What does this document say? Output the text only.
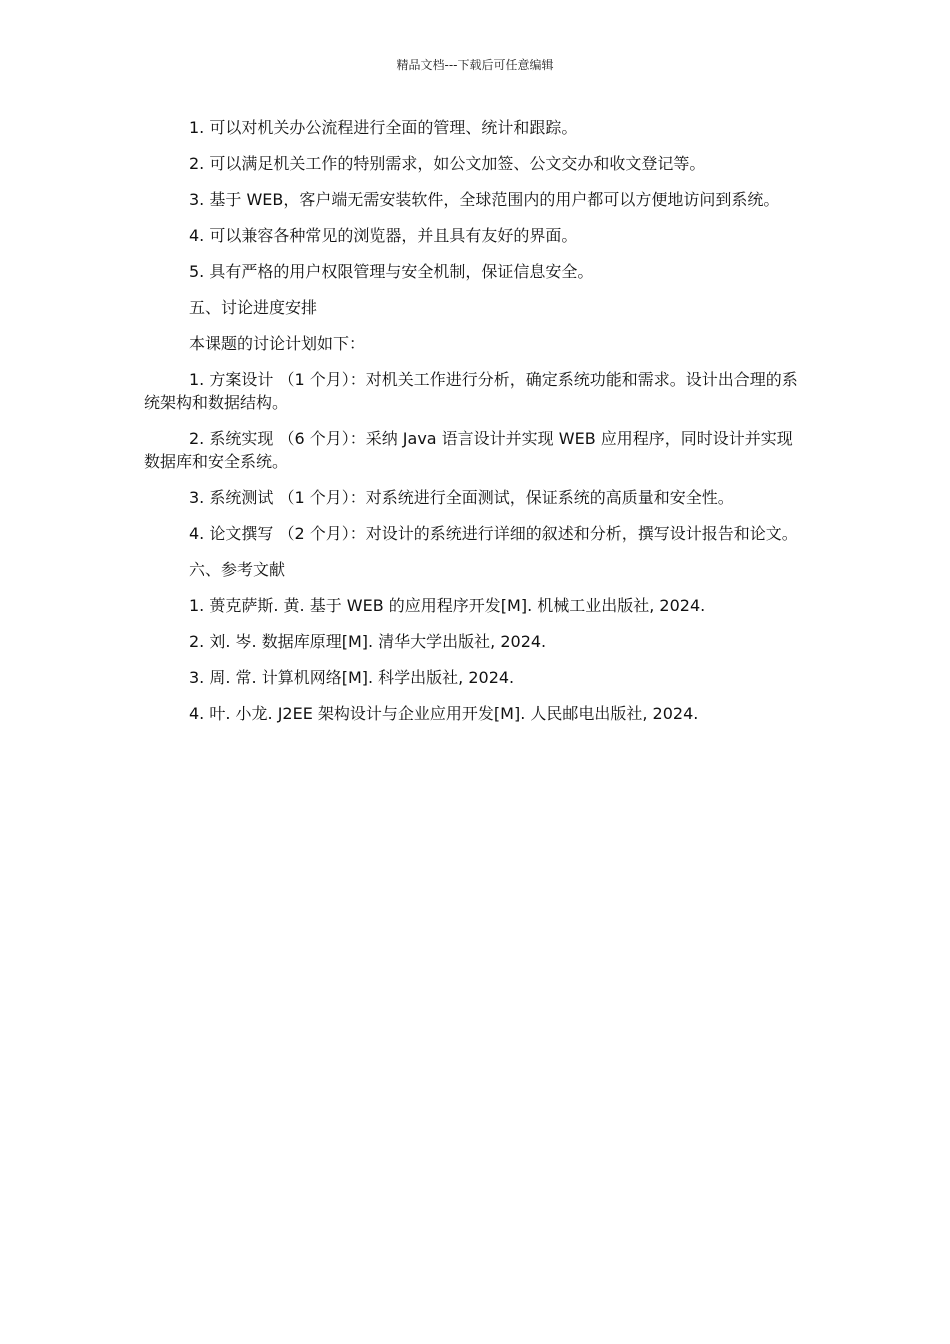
精品文档---下载后可任意编辑

1. 可以对机关办公流程进行全面的管理、统计和跟踪。

2. 可以满足机关工作的特别需求，如公文加签、公文交办和收文登记等。

3. 基于 WEB，客户端无需安装软件，全球范围内的用户都可以方便地访问到系统。

4. 可以兼容各种常见的浏览器，并且具有友好的界面。

5. 具有严格的用户权限管理与安全机制，保证信息安全。

五、讨论进度安排

本课题的讨论计划如下：

1. 方案设计 （1 个月）：对机关工作进行分析，确定系统功能和需求。设计出合理的系统架构和数据结构。

2. 系统实现 （6 个月）：采纳 Java 语言设计并实现 WEB 应用程序，同时设计并实现数据库和安全系统。

3. 系统测试 （1 个月）：对系统进行全面测试，保证系统的高质量和安全性。

4. 论文撰写 （2 个月）：对设计的系统进行详细的叙述和分析，撰写设计报告和论文。

六、参考文献

1. 蒉克萨斯. 黄. 基于 WEB 的应用程序开发[M]. 机械工业出版社, 2024.

2. 刘. 岑. 数据库原理[M]. 清华大学出版社, 2024.

3. 周. 常. 计算机网络[M]. 科学出版社, 2024.

4. 叶. 小龙. J2EE 架构设计与企业应用开发[M]. 人民邮电出版社, 2024.
